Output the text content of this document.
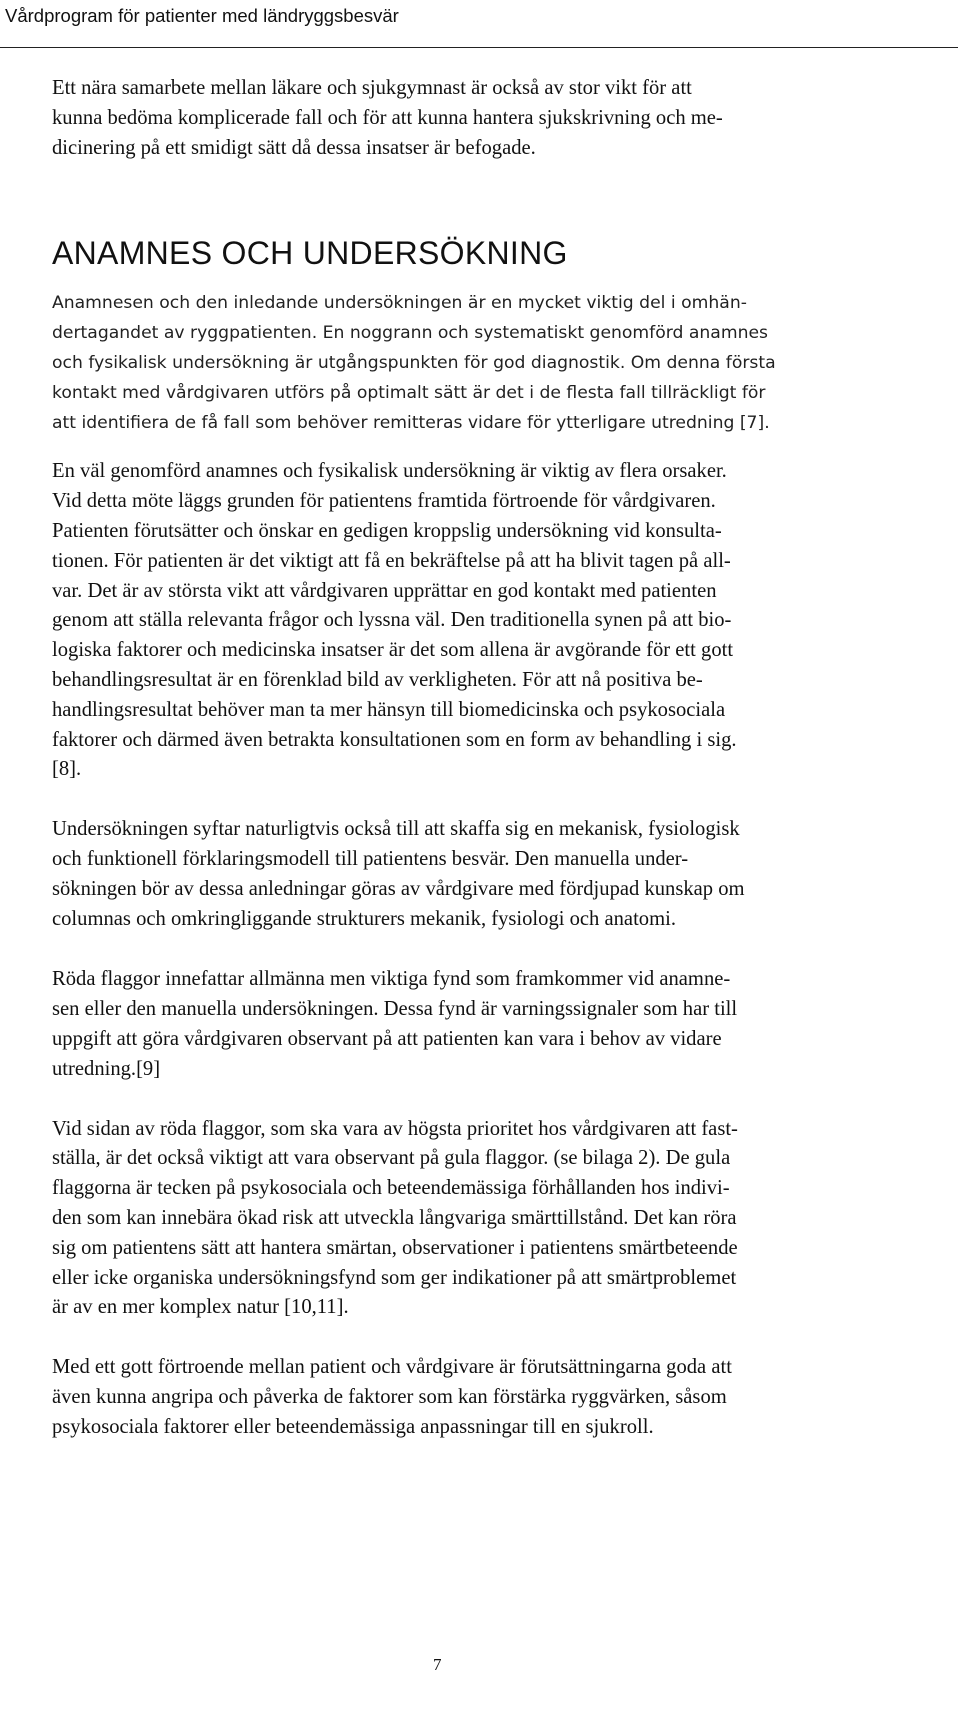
Vårdprogram för patienter med ländryggsbesvär

Ett nära samarbete mellan läkare och sjukgymnast är också av stor vikt för att
kunna bedöma komplicerade fall och för att kunna hantera sjukskrivning och me-
dicinering på ett smidigt sätt då dessa insatser är befogade.

ANAMNES OCH UNDERSÖKNING

Anamnesen och den inledande undersökningen är en mycket viktig del i omhän-
dertagandet av ryggpatienten. En noggrann och systematiskt genomförd anamnes
och fysikalisk undersökning är utgångspunkten för god diagnostik. Om denna första
kontakt med vårdgivaren utförs på optimalt sätt är det i de flesta fall tillräckligt för
att identifiera de få fall som behöver remitteras vidare för ytterligare utredning [7].

En väl genomförd anamnes och fysikalisk undersökning är viktig av flera orsaker.
Vid detta möte läggs grunden för patientens framtida förtroende för vårdgivaren.
Patienten förutsätter och önskar en gedigen kroppslig undersökning vid konsulta-
tionen. För patienten är det viktigt att få en bekräftelse på att ha blivit tagen på all-
var. Det är av största vikt att vårdgivaren upprättar en god kontakt med patienten
genom att ställa relevanta frågor och lyssna väl. Den traditionella synen på att bio-
logiska faktorer och medicinska insatser är det som allena är avgörande för ett gott
behandlingsresultat är en förenklad bild av verkligheten. För att nå positiva be-
handlingsresultat behöver man ta mer hänsyn till biomedicinska och psykosociala
faktorer och därmed även betrakta konsultationen som en form av behandling i sig.
[8].

Undersökningen syftar naturligtvis också till att skaffa sig en mekanisk, fysiologisk
och funktionell förklaringsmodell till patientens besvär. Den manuella under-
sökningen bör av dessa anledningar göras av vårdgivare med fördjupad kunskap om
columnas och omkringliggande strukturers mekanik, fysiologi och anatomi.

Röda flaggor innefattar allmänna men viktiga fynd som framkommer vid anamne-
sen eller den manuella undersökningen. Dessa fynd är varningssignaler som har till
uppgift att göra vårdgivaren observant på att patienten kan vara i behov av vidare
utredning.[9]

Vid sidan av röda flaggor, som ska vara av högsta prioritet hos vårdgivaren att fast-
ställa, är det också viktigt att vara observant på gula flaggor. (se bilaga 2). De gula
flaggorna är tecken på psykosociala och beteendemässiga förhållanden hos indivi-
den som kan innebära ökad risk att utveckla långvariga smärttillstånd. Det kan röra
sig om patientens sätt att hantera smärtan, observationer i patientens smärtbeteende
eller icke organiska undersökningsfynd som ger indikationer på att smärtproblemet
är av en mer komplex natur [10,11].

Med ett gott förtroende mellan patient och vårdgivare är förutsättningarna goda att
även kunna angripa och påverka de faktorer som kan förstärka ryggvärken, såsom
psykosociala faktorer eller beteendemässiga anpassningar till en sjukroll.

7
